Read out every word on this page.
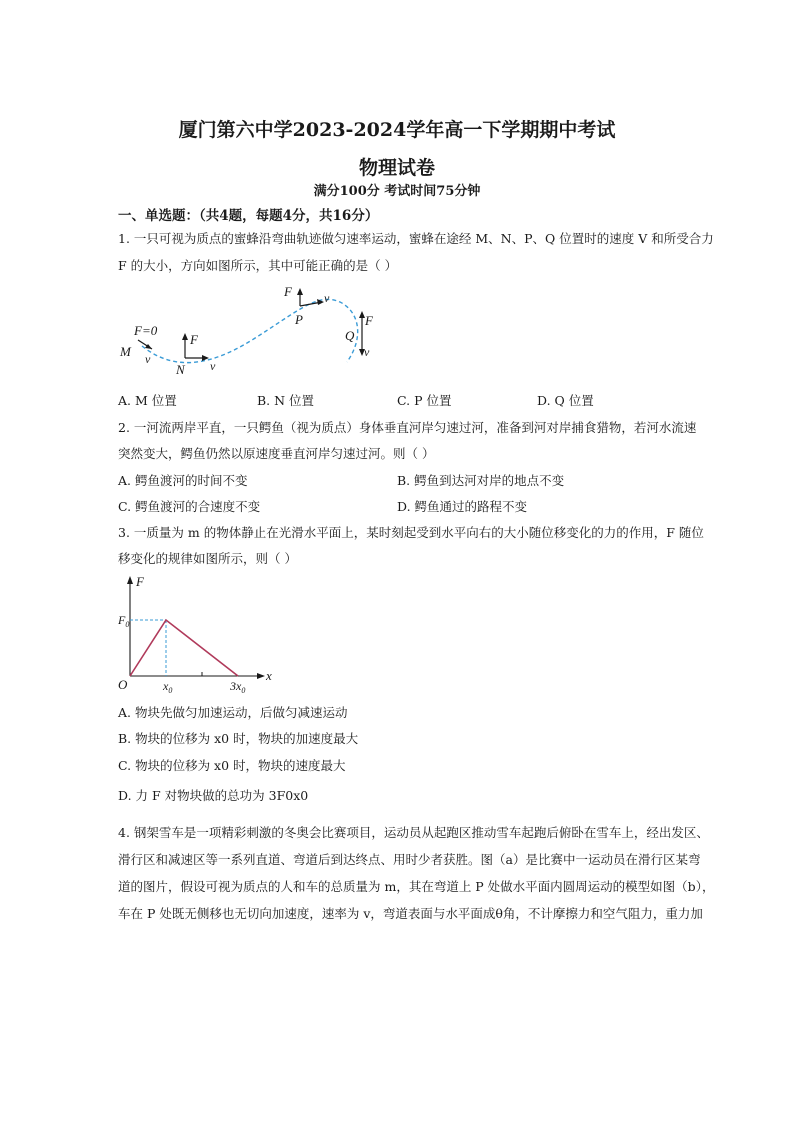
厦门第六中学2023-2024学年高一下学期期中考试
物理试卷
满分100分 考试时间75分钟
一、单选题：（共4题，每题4分，共16分）
1. 一只可视为质点的蜜蜂沿弯曲轨迹做匀速率运动，蜜蜂在途经 M、N、P、Q 位置时的速度 V 和所受合力
F 的大小，方向如图所示，其中可能正确的是（ ）
F=0
M v
F
N v
F	v
P
Q
F
v
A. M 位置	B. N 位置	C. P 位置	D. Q 位置
2. 一河流两岸平直，一只鳄鱼（视为质点）身体垂直河岸匀速过河，准备到河对岸捕食猎物，若河水流速
突然变大，鳄鱼仍然以原速度垂直河岸匀速过河。则（ ）
A. 鳄鱼渡河的时间不变	B. 鳄鱼到达河对岸的地点不变
C. 鳄鱼渡河的合速度不变	D. 鳄鱼通过的路程不变
3. 一质量为 m 的物体静止在光滑水平面上，某时刻起受到水平向右的大小随位移变化的力的作用，F 随位
移变化的规律如图所示，则（ ）
F
x
O
$F_0$
$x_0$	$3x_0$
A. 物块先做匀加速运动，后做匀减速运动
B. 物块的位移为 x0 时，物块的加速度最大
C. 物块的位移为 x0 时，物块的速度最大
D. 力 F 对物块做的总功为 3F0x0
4. 钢架雪车是一项精彩刺激的冬奥会比赛项目，运动员从起跑区推动雪车起跑后俯卧在雪车上，经出发区、
滑行区和减速区等一系列直道、弯道后到达终点、用时少者获胜。图（a）是比赛中一运动员在滑行区某弯
道的图片，假设可视为质点的人和车的总质量为 m，其在弯道上 P 处做水平面内圆周运动的模型如图（b），
车在 P 处既无侧移也无切向加速度，速率为 v，弯道表面与水平面成θ角，不计摩擦力和空气阻力，重力加
